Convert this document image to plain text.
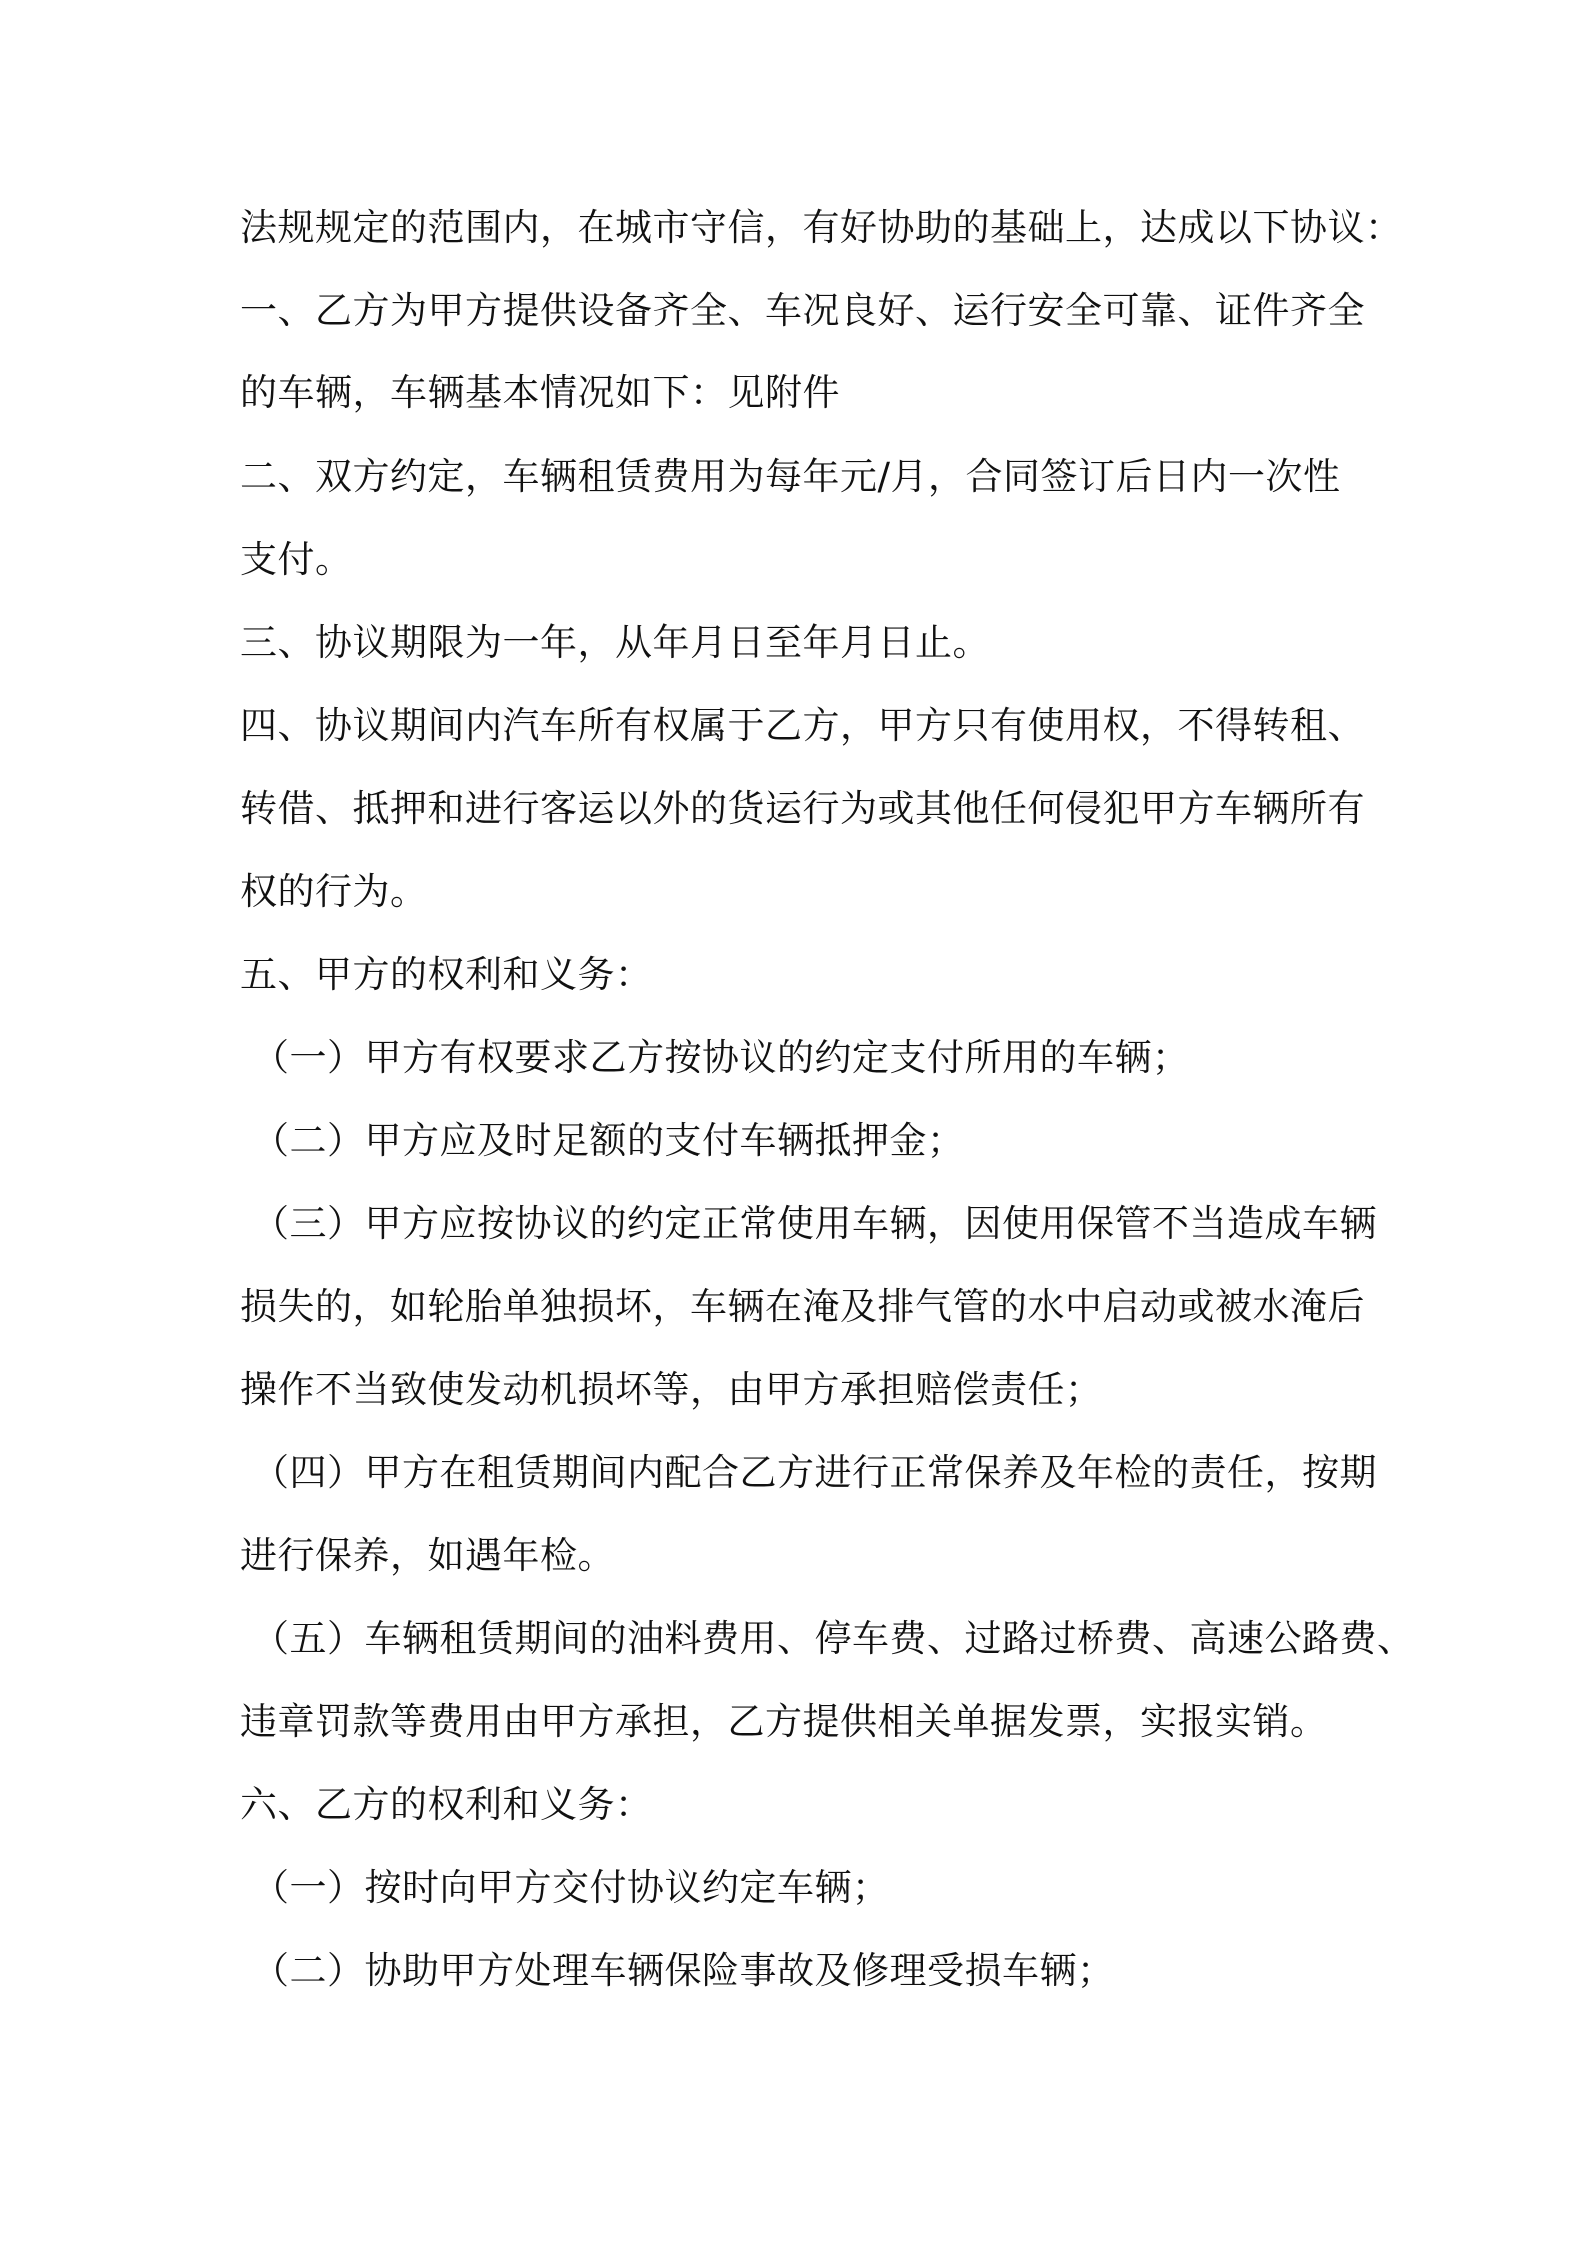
法规规定的范围内，在城市守信，有好协助的基础上，达成以下协议：
一、乙方为甲方提供设备齐全、车况良好、运行安全可靠、证件齐全
的车辆，车辆基本情况如下：见附件
二、双方约定，车辆租赁费用为每年元/月，合同签订后日内一次性
支付。
三、协议期限为一年，从年月日至年月日止。
四、协议期间内汽车所有权属于乙方，甲方只有使用权，不得转租、
转借、抵押和进行客运以外的货运行为或其他任何侵犯甲方车辆所有
权的行为。
五、甲方的权利和义务：
（一）甲方有权要求乙方按协议的约定支付所用的车辆；
（二）甲方应及时足额的支付车辆抵押金；
（三）甲方应按协议的约定正常使用车辆，因使用保管不当造成车辆
损失的，如轮胎单独损坏，车辆在淹及排气管的水中启动或被水淹后
操作不当致使发动机损坏等，由甲方承担赔偿责任；
（四）甲方在租赁期间内配合乙方进行正常保养及年检的责任，按期
进行保养，如遇年检。
（五）车辆租赁期间的油料费用、停车费、过路过桥费、高速公路费、
违章罚款等费用由甲方承担，乙方提供相关单据发票，实报实销。
六、乙方的权利和义务：
（一）按时向甲方交付协议约定车辆；
（二）协助甲方处理车辆保险事故及修理受损车辆；
